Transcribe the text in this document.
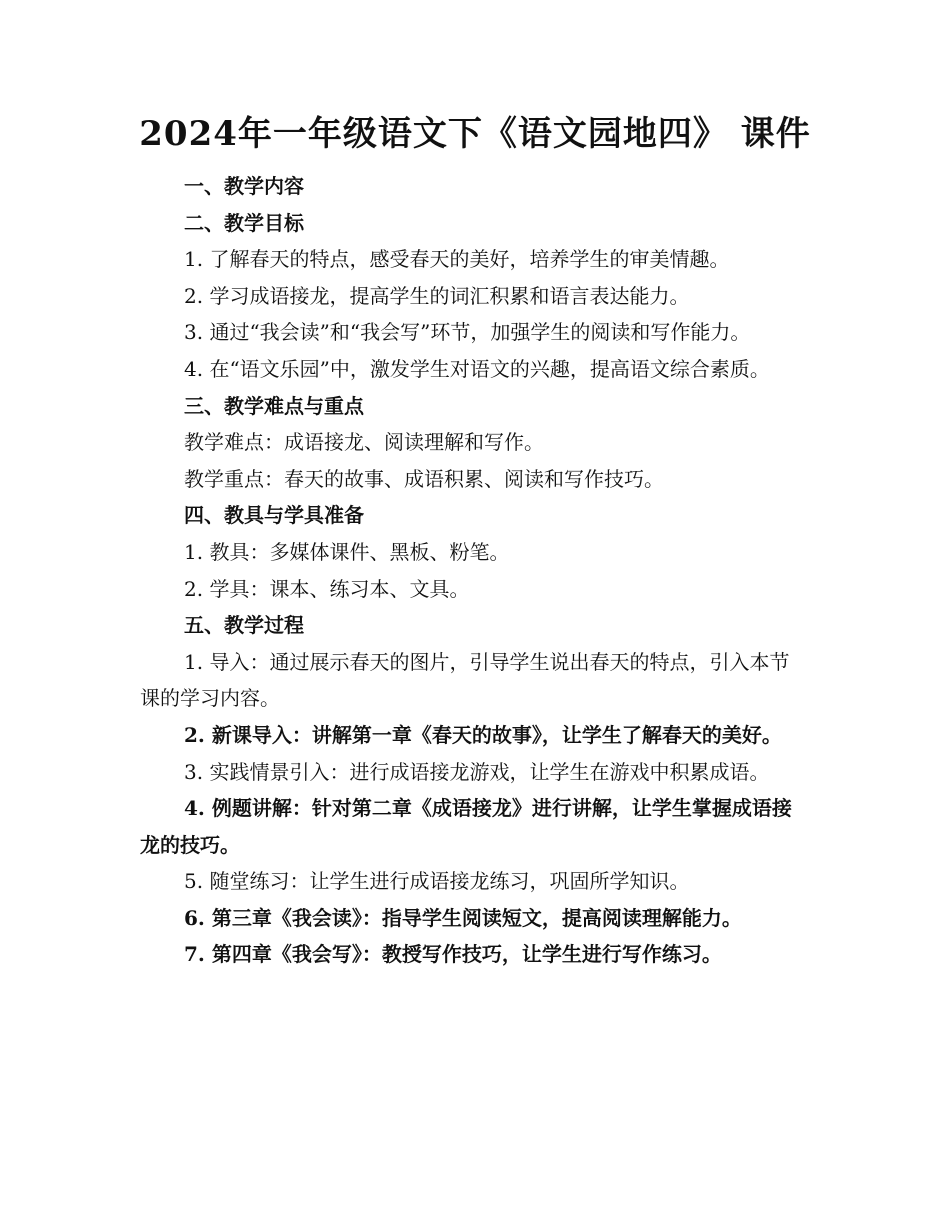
2024年一年级语文下《语文园地四》 课件

一、教学内容

二、教学目标

1. 了解春天的特点，感受春天的美好，培养学生的审美情趣。

2. 学习成语接龙，提高学生的词汇积累和语言表达能力。

3. 通过“我会读”和“我会写”环节，加强学生的阅读和写作能力。

4. 在“语文乐园”中，激发学生对语文的兴趣，提高语文综合素质。

三、教学难点与重点

教学难点：成语接龙、阅读理解和写作。

教学重点：春天的故事、成语积累、阅读和写作技巧。

四、教具与学具准备

1. 教具：多媒体课件、黑板、粉笔。

2. 学具：课本、练习本、文具。

五、教学过程

1. 导入：通过展示春天的图片，引导学生说出春天的特点，引入本节课的学习内容。

2. 新课导入：讲解第一章《春天的故事》，让学生了解春天的美好。

3. 实践情景引入：进行成语接龙游戏，让学生在游戏中积累成语。

4. 例题讲解：针对第二章《成语接龙》进行讲解，让学生掌握成语接龙的技巧。

5. 随堂练习：让学生进行成语接龙练习，巩固所学知识。

6. 第三章《我会读》：指导学生阅读短文，提高阅读理解能力。

7. 第四章《我会写》：教授写作技巧，让学生进行写作练习。
